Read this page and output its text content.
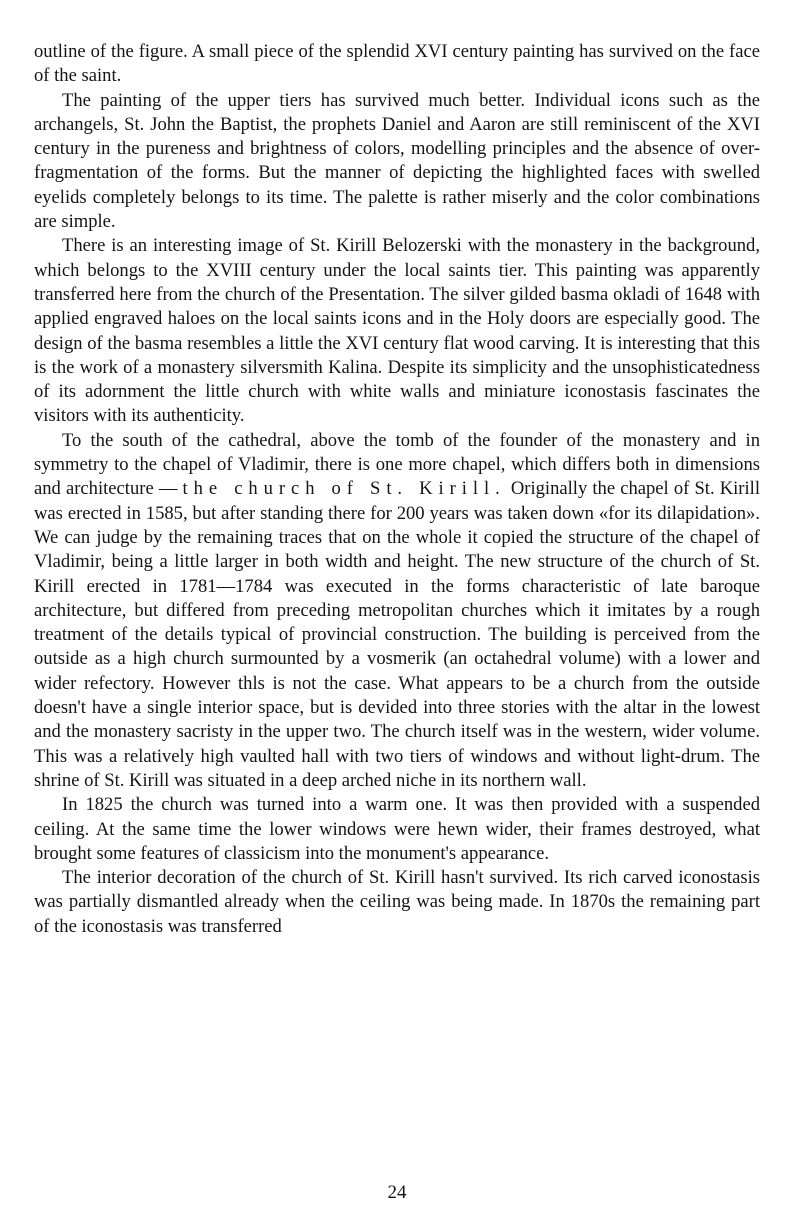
outline of the figure. A small piece of the splendid XVI century painting has survived on the face of the saint.

The painting of the upper tiers has survived much better. Individual icons such as the archangels, St. John the Baptist, the prophets Daniel and Aaron are still reminiscent of the XVI century in the pureness and brightness of colors, modelling principles and the absence of over-fragmentation of the forms. But the manner of depicting the highlighted faces with swelled eyelids completely belongs to its time. The palette is rather miserly and the color combinations are simple.

There is an interesting image of St. Kirill Belozerski with the monastery in the background, which belongs to the XVIII century under the local saints tier. This painting was apparently transferred here from the church of the Presentation. The silver gilded basma okladi of 1648 with applied engraved haloes on the local saints icons and in the Holy doors are especially good. The design of the basma resembles a little the XVI century flat wood carving. It is interesting that this is the work of a monastery silversmith Kalina. Despite its simplicity and the unsophisticatedness of its adornment the little church with white walls and miniature iconostasis fascinates the visitors with its authenticity.

To the south of the cathedral, above the tomb of the founder of the monastery and in symmetry to the chapel of Vladimir, there is one more chapel, which differs both in dimensions and architecture — the church of St. Kirill. Originally the chapel of St. Kirill was erected in 1585, but after standing there for 200 years was taken down «for its dilapidation». We can judge by the remaining traces that on the whole it copied the structure of the chapel of Vladimir, being a little larger in both width and height. The new structure of the church of St. Kirill erected in 1781—1784 was executed in the forms characteristic of late baroque architecture, but differed from preceding metropolitan churches which it imitates by a rough treatment of the details typical of provincial construction. The building is perceived from the outside as a high church surmounted by a vosmerik (an octahedral volume) with a lower and wider refectory. However thls is not the case. What appears to be a church from the outside doesn't have a single interior space, but is devided into three stories with the altar in the lowest and the monastery sacristy in the upper two. The church itself was in the western, wider volume. This was a relatively high vaulted hall with two tiers of windows and without light-drum. The shrine of St. Kirill was situated in a deep arched niche in its northern wall.

In 1825 the church was turned into a warm one. It was then provided with a suspended ceiling. At the same time the lower windows were hewn wider, their frames destroyed, what brought some features of classicism into the monument's appearance.

The interior decoration of the church of St. Kirill hasn't survived. Its rich carved iconostasis was partially dismantled already when the ceiling was being made. In 1870s the remaining part of the iconostasis was transferred

24
